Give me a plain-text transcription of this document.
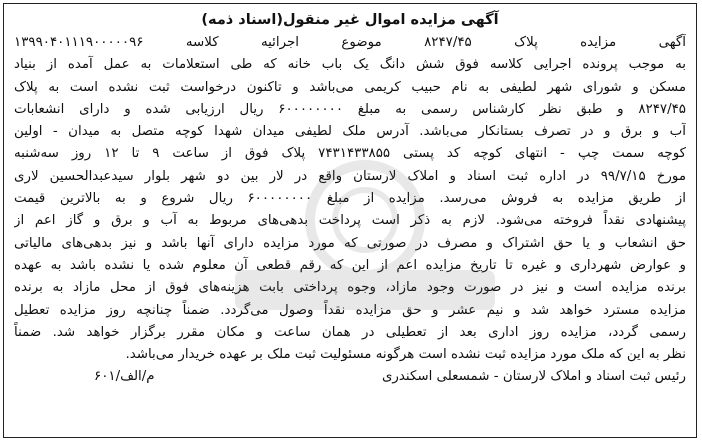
آگهی مزایده اموال غیر منقول(اسناد ذمه)
آگهی مزایده پلاک ۸۲۴۷/۴۵ موضوع اجرائیه کلاسه ۱۳۹۹۰۴۰۱۱۱۹۰۰۰۰۰۹۶
به موجب پرونده اجرایی کلاسه فوق شش دانگ یک باب خانه که طی استعلامات به عمل آمده از بنیاد
مسکن و شورای شهر لطیفی به نام حبیب کریمی می‌باشد و تاکنون درخواست ثبت نشده است به پلاک
۸۲۴۷/۴۵ و طبق نظر کارشناس رسمی به مبلغ ۶۰۰۰۰۰۰۰۰ ریال ارزیابی شده و دارای انشعابات
آب و برق و در تصرف بستانکار می‌باشد. آدرس ملک لطیفی میدان شهدا کوچه متصل به میدان - اولین
کوچه سمت چپ - انتهای کوچه کد پستی ۷۴۳۱۴۳۳۸۵۵ پلاک فوق از ساعت ۹ تا ۱۲ روز سه‌شنبه
مورخ ۹۹/۷/۱۵ در اداره ثبت اسناد و املاک لارستان واقع در لار بین دو شهر بلوار سیدعبدالحسین لاری
از طریق مزایده به فروش می‌رسد. مزایده از مبلغ ۶۰۰۰۰۰۰۰۰ ریال شروع و به بالاترین قیمت
پیشنهادی نقداً فروخته می‌شود. لازم به ذکر است پرداخت بدهی‌های مربوط به آب و برق و گاز اعم از
حق انشعاب و یا حق اشتراک و مصرف در صورتی که مورد مزایده دارای آنها باشد و نیز بدهی‌های مالیاتی
و عوارض شهرداری و غیره تا تاریخ مزایده اعم از این که رقم قطعی آن معلوم شده یا نشده باشد به عهده
برنده مزایده است و نیز در صورت وجود مازاد، وجوه پرداختی بابت هزینه‌های فوق از محل مازاد به برنده
مزایده مسترد خواهد شد و نیم عشر و حق مزایده نقداً وصول می‌گردد. ضمناً چنانچه روز مزایده تعطیل
رسمی گردد، مزایده روز اداری بعد از تعطیلی در همان ساعت و مکان مقرر برگزار خواهد شد. ضمناً
نظر به این که ملک مورد مزایده ثبت نشده است هرگونه مسئولیت ثبت ملک بر عهده خریدار می‌باشد.
رئیس ثبت اسناد و املاک لارستان - شمسعلی اسکندری
م/الف/۶۰۱
